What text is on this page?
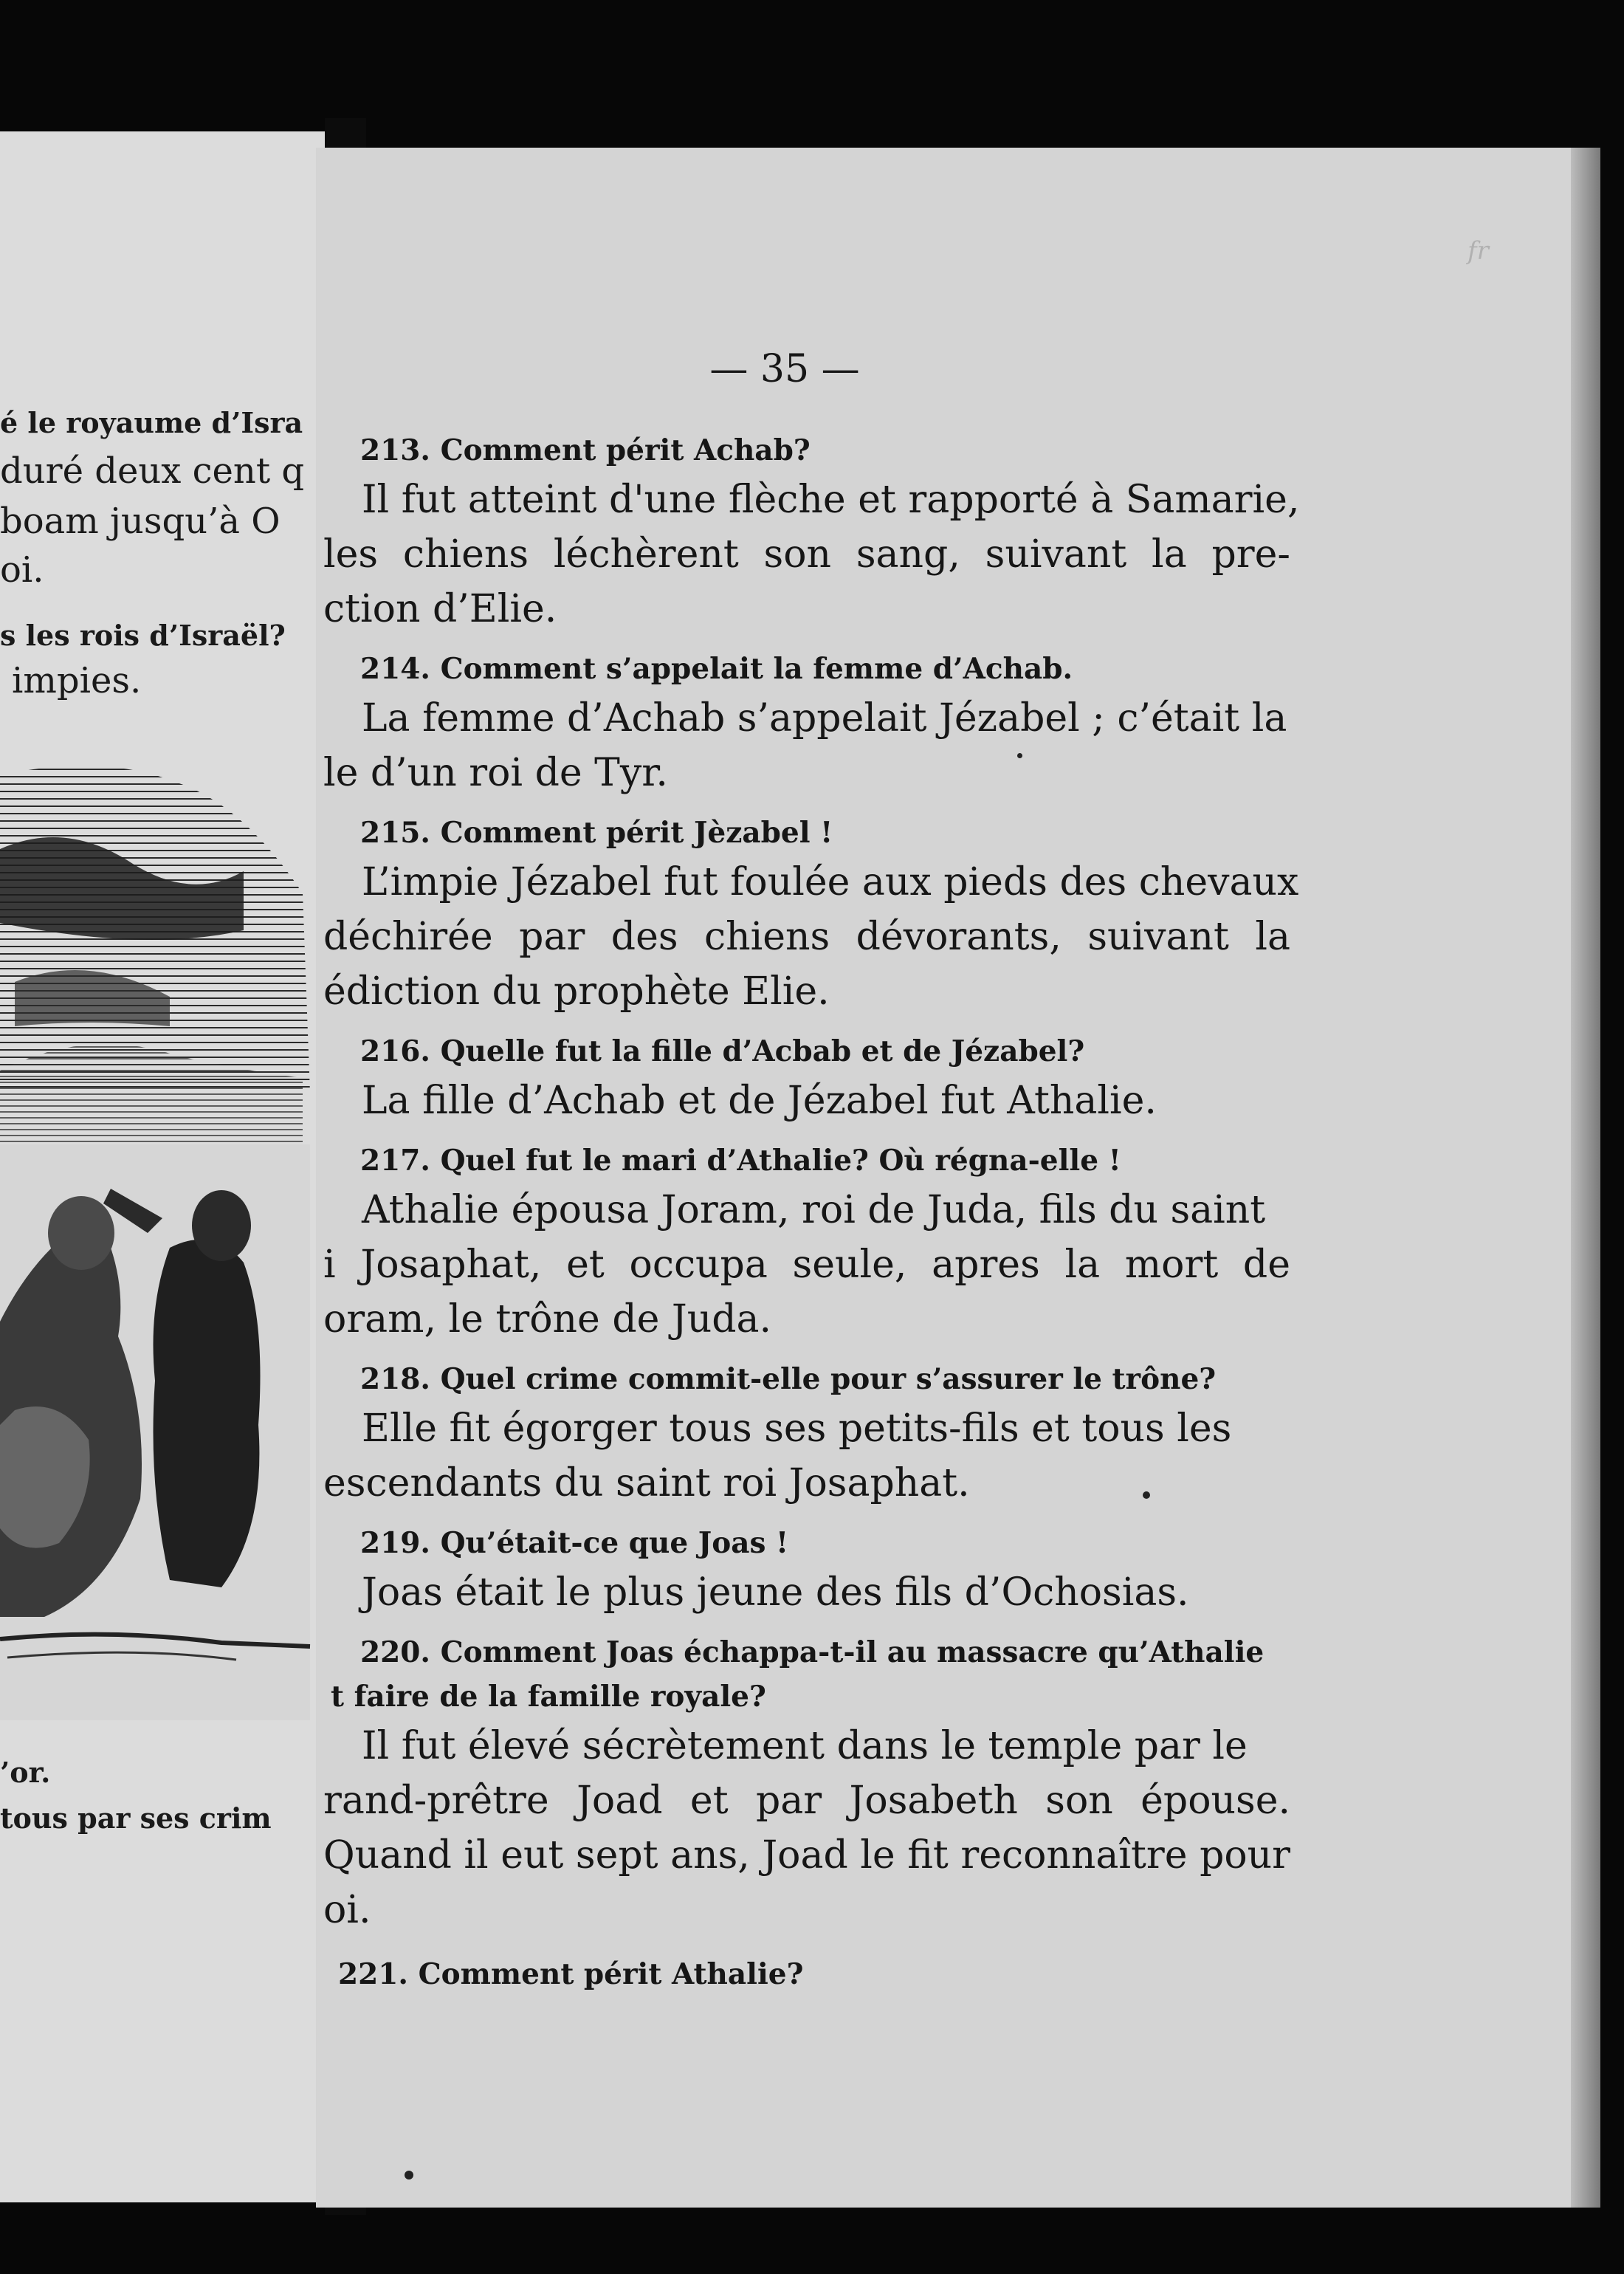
é le royaume d’Isra
duré deux cent q
boam jusqu’à O
oi.
s les rois d’Israël?
impies.
’or.
tous par ses crim
fr
— 35 —

213. Comment périt Achab?

Il fut atteint d'une flèche et rapporté à Samarie,
les chiens léchèrent son sang, suivant la pre-
ction d’Elie.

214. Comment s’appelait la femme d’Achab.

La femme d’Achab s’appelait Jézabel ; c’était la
le d’un roi de Tyr.

215. Comment périt Jèzabel !

L’impie Jézabel fut foulée aux pieds des chevaux
déchirée par des chiens dévorants, suivant la
édiction du prophète Elie.

216. Quelle fut la fille d’Acbab et de Jézabel?

La fille d’Achab et de Jézabel fut Athalie.

217. Quel fut le mari d’Athalie? Où régna-elle !

Athalie épousa Joram, roi de Juda, fils du saint
i Josaphat, et occupa seule, apres la mort de
oram, le trône de Juda.

218. Quel crime commit-elle pour s’assurer le trône?

Elle fit égorger tous ses petits-fils et tous les
escendants du saint roi Josaphat.

219. Qu’était-ce que Joas !

Joas était le plus jeune des fils d’Ochosias.

220. Comment Joas échappa-t-il au massacre qu’Athalie

t faire de la famille royale?

Il fut élevé sécrètement dans le temple par le
rand-prêtre Joad et par Josabeth son épouse.
Quand il eut sept ans, Joad le fit reconnaître pour
oi.

221. Comment périt Athalie?
